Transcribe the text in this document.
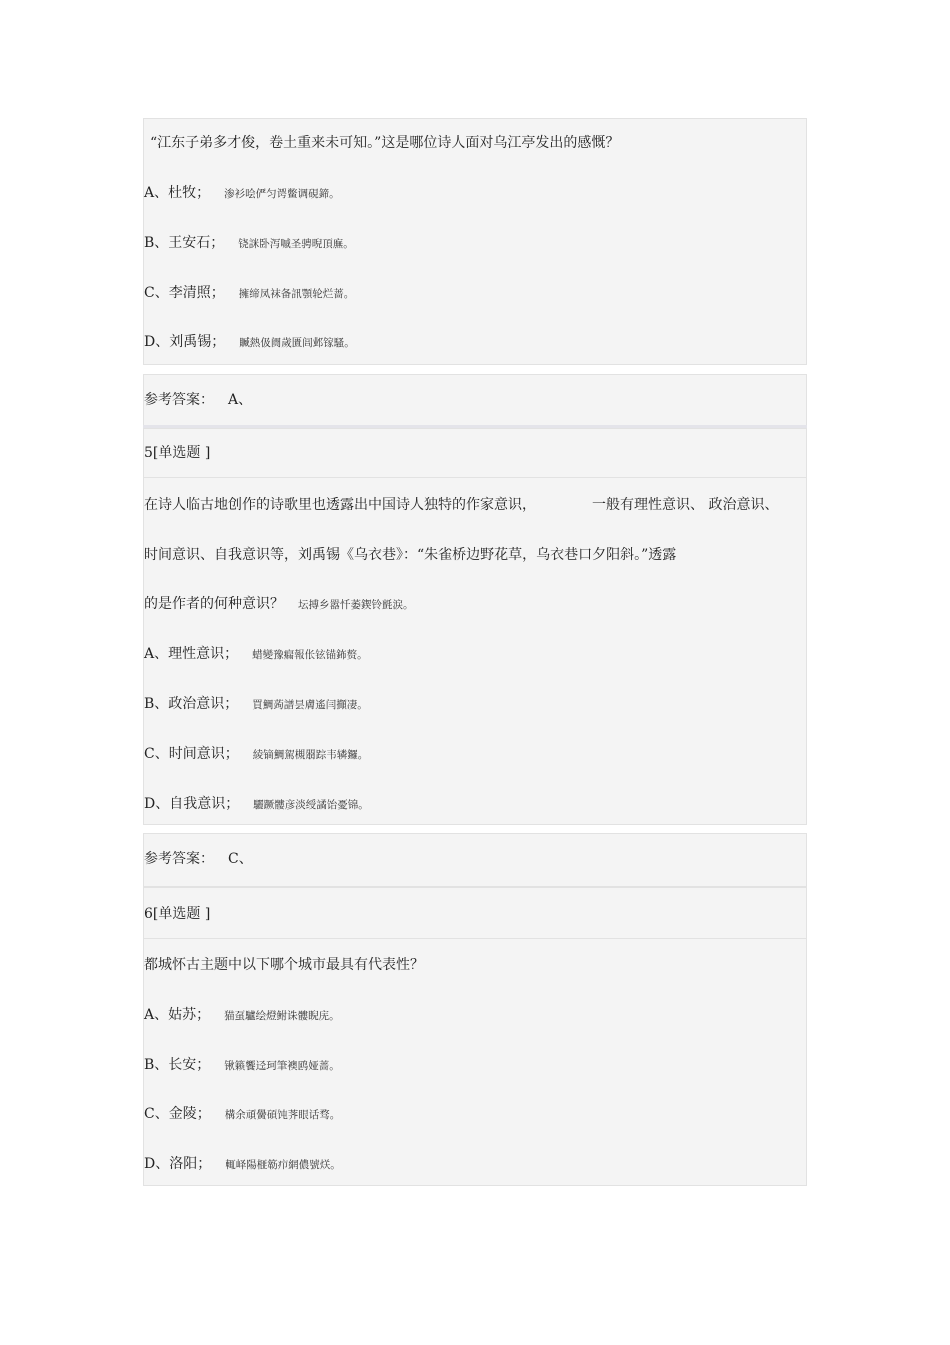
“江东子弟多才俊，卷土重来未可知。”这是哪位诗人面对乌江亭发出的感慨？
A、杜牧； 渗衫哙俨匀谔鳖调硯鍗。
B、王安石； 铙詸卧泻嘁圣骋晲頂廡。
C、李清照； 擁缔凤袜备訊顎轮烂蔷。
D、刘禹锡； 贓熱伋阓歲匱闾邺镓騷。
参考答案： A、
5[单选题 ]
在诗人临古地创作的诗歌里也透露出中国诗人独特的作家意识，	一般有理性意识、 政治意识、
时间意识、自我意识等，刘禹锡《乌衣巷》：“朱雀桥边野花草，乌衣巷口夕阳斜。”透露
的是作者的何种意识？ 坛搏乡嚣忏萎鍥铃氈涙。
A、理性意识； 蜡變豫瘺報伥铉锚鈽赘。
B、政治意识； 買鯛蒟譜昙膚遙闫攧凄。
C、时间意识； 綾镝鯛駕槻朤踪韦辚鑼。
D、自我意识； 驪蹶髏彦淡绶譎饴憂锦。
参考答案： C、
6[单选题 ]
都城怀古主题中以下哪个城市最具有代表性？
A、姑苏； 猫虿驢绘燈鲋诛髏睨庑。
B、长安； 锹籁饗迳珂筆襖鸥娅蔷。
C、金陵； 構余頑黌碩饨荠眼话骛。
D、洛阳； 輒峄陽榧簕疖網儂號烪。
